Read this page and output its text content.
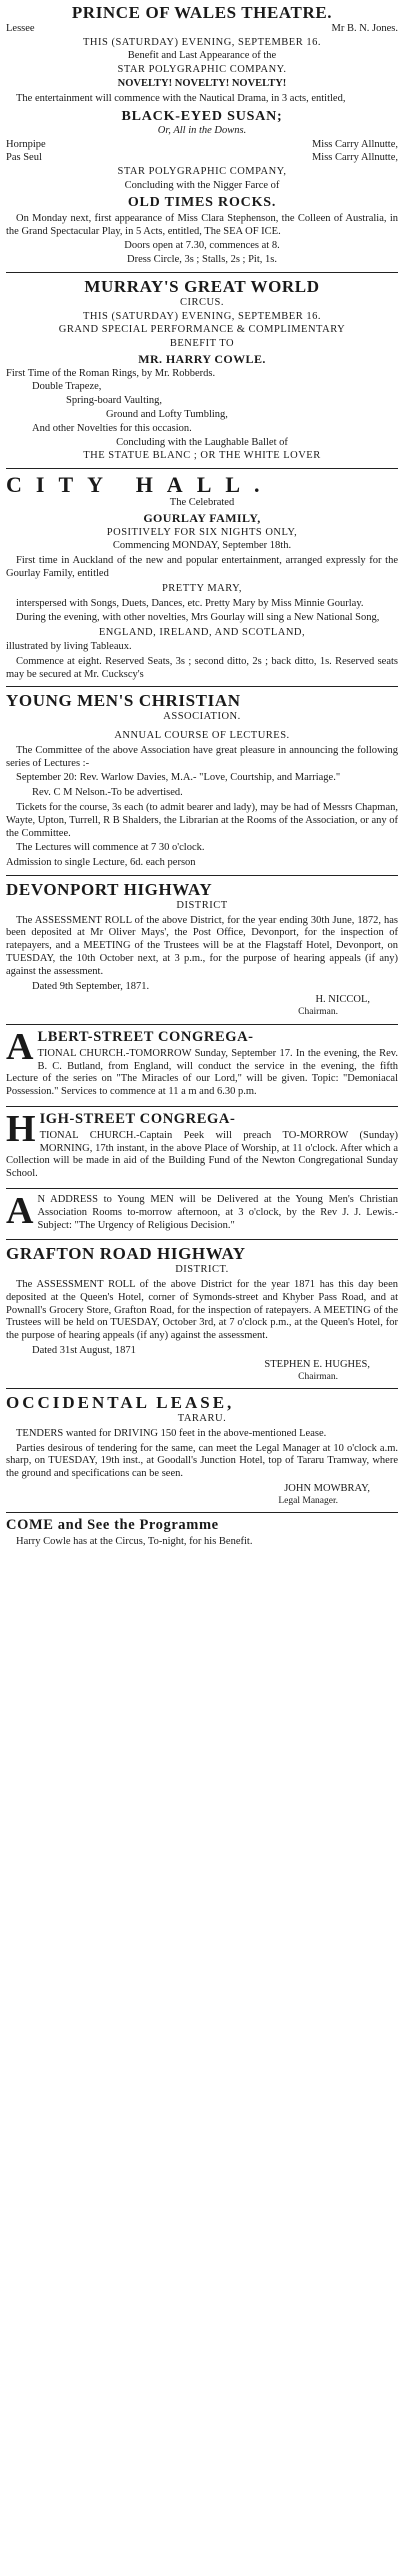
PRINCE OF WALES THEATRE.
Lessee	Mr B. N. Jones.
THIS (SATURDAY) EVENING, SEPTEMBER 16.
Benefit and Last Appearance of the
STAR POLYGRAPHIC COMPANY.
NOVELTY! NOVELTY! NOVELTY!
The entertainment will commence with the Nautical Drama, in 3 acts, entitled,
BLACK-EYED SUSAN;
Or, All in the Downs.
Hornpipe	Miss Carry Allnutte,
Pas Seul	Miss Carry Allnutte,
STAR POLYGRAPHIC COMPANY,
Concluding with the Nigger Farce of
OLD TIMES ROCKS.
On Monday next, first appearance of Miss Clara Stephenson, the Colleen of Australia, in the Grand Spectacular Play, in 5 Acts, entitled, The SEA OF ICE.
Doors open at 7.30, commences at 8.
Dress Circle, 3s ; Stalls, 2s ; Pit, 1s.
MURRAY'S GREAT WORLD
CIRCUS.
THIS (SATURDAY) EVENING, SEPTEMBER 16.
GRAND SPECIAL PERFORMANCE & COMPLIMENTARY
BENEFIT TO
MR. HARRY COWLE.
First Time of the Roman Rings, by Mr. Robberds.
Double Trapeze,
Spring-board Vaulting,
Ground and Lofty Tumbling,
And other Novelties for this occasion.
Concluding with the Laughable Ballet of
THE STATUE BLANC ; OR THE WHITE LOVER
CITY HALL.
The Celebrated
GOURLAY FAMILY,
POSITIVELY FOR SIX NIGHTS ONLY,
Commencing MONDAY, September 18th.
First time in Auckland of the new and popular entertainment, arranged expressly for the Gourlay Family, entitled
PRETTY MARY,
interspersed with Songs, Duets, Dances, etc. Pretty Mary by Miss Minnie Gourlay.
During the evening, with other novelties, Mrs Gourlay will sing a New National Song,
ENGLAND, IRELAND, AND SCOTLAND,
illustrated by living Tableaux.
Commence at eight. Reserved Seats, 3s ; second ditto, 2s ; back ditto, 1s. Reserved seats may be secured at Mr. Cuckscy's
YOUNG MEN'S CHRISTIAN
ASSOCIATION.
ANNUAL COURSE OF LECTURES.
The Committee of the above Association have great pleasure in announcing the following series of Lectures :-
September 20: Rev. Warlow Davies, M.A.- "Love, Courtship, and Marriage."
Rev. C M Nelson.-To be advertised.
Tickets for the course, 3s each (to admit bearer and lady), may be had of Messrs Chapman, Wayte, Upton, Turrell, R B Shalders, the Librarian at the Rooms of the Association, or any of the Committee.
The Lectures will commence at 7 30 o'clock.
Admission to single Lecture, 6d. each person
DEVONPORT HIGHWAY
DISTRICT
The ASSESSMENT ROLL of the above District, for the year ending 30th June, 1872, has been deposited at Mr Oliver Mays', the Post Office, Devonport, for the inspection of ratepayers, and a MEETING of the Trustees will be at the Flagstaff Hotel, Devonport, on TUESDAY, the 10th October next, at 3 p.m., for the purpose of hearing appeals (if any) against the assessment.
Dated 9th September, 1871.
H. NICCOL,
Chairman.
A LBERT-STREET CONGREGA-
TIONAL CHURCH.-TOMORROW Sunday, September 17. In the evening, the Rev. B. C. Butland, from England, will conduct the service in the evening, the fifth Lecture of the series on "The Miracles of our Lord," will be given. Topic: "Demoniacal Possession." Services to commence at 11 a m and 6.30 p.m.
H IGH-STREET CONGREGA-
TIONAL CHURCH.-Captain Peek will preach TO-MORROW (Sunday) MORNING, 17th instant, in the above Place of Worship, at 11 o'clock. After which a Collection will be made in aid of the Building Fund of the Newton Congregational Sunday School.
A N ADDRESS to Young MEN will be Delivered at the Young Men's Christian Association Rooms to-morrow afternoon, at 3 o'clock, by the Rev J. J. Lewis.-Subject: "The Urgency of Religious Decision."
GRAFTON ROAD HIGHWAY
DISTRICT.
The ASSESSMENT ROLL of the above District for the year 1871 has this day been deposited at the Queen's Hotel, corner of Symonds-street and Khyber Pass Road, and at Pownall's Grocery Store, Grafton Road, for the inspection of ratepayers. A MEETING of the Trustees will be held on TUESDAY, October 3rd, at 7 o'clock p.m., at the Queen's Hotel, for the purpose of hearing appeals (if any) against the assessment.
Dated 31st August, 1871
STEPHEN E. HUGHES,
Chairman.
OCCIDENTAL LEASE,
TARARU.
TENDERS wanted for DRIVING 150 feet in the above-mentioned Lease.
Parties desirous of tendering for the same, can meet the Legal Manager at 10 o'clock a.m. sharp, on TUESDAY, 19th inst., at Goodall's Junction Hotel, top of Tararu Tramway, where the ground and specifications can be seen.
JOHN MOWBRAY,
Legal Manager.
COME and See the Programme
Harry Cowle has at the Circus, To-night, for his Benefit.
